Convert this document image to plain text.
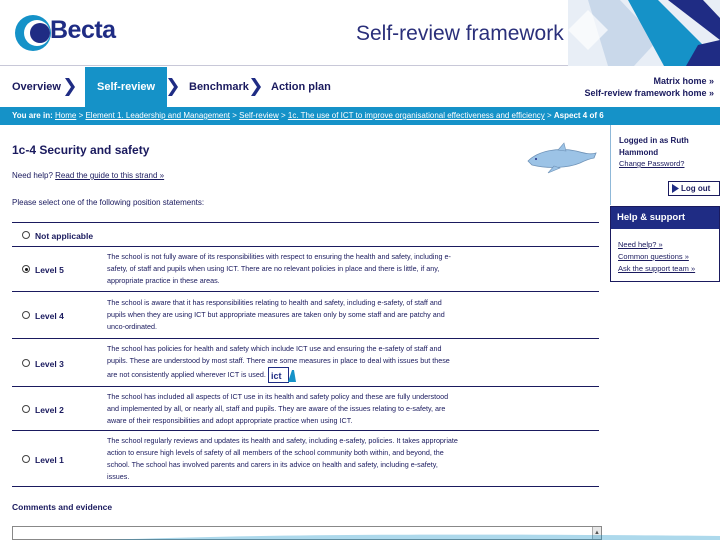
Becta	Self-review framework
Overview	Self-review	Benchmark Action plan	Matrix home »
Self-review framework home »
You are in: Home > Element 1. Leadership and Management > Self-review > 1c. The use of ICT to improve organisational effectiveness and efficiency > Aspect 4 of 6
1c-4 Security and safety
Need help? Read the guide to this strand »
Please select one of the following position statements:
Not applicable
Level 5
The school is not fully aware of its responsibilities with respect to ensuring the health and safety, including e-
safety, of staff and pupils when using ICT. There are no relevant policies in place and there is little, if any,
appropriate practice in these areas.
Level 4
The school is aware that it has responsibilities relating to health and safety, including e-safety, of staff and
pupils when they are using ICT but appropriate measures are taken only by some staff and are patchy and
unco-ordinated.
Level 3
The school has policies for health and safety which include ICT use and ensuring the e-safety of staff and
pupils. These are understood by most staff. There are some measures in place to deal with issues but these
are not consistently applied wherever ICT is used. ict
Level 2
The school has included all aspects of ICT use in its health and safety policy and these are fully understood
and implemented by all, or nearly all, staff and pupils. They are aware of the issues relating to e-safety, are
aware of their responsibilities and adopt appropriate practice when using ICT.
Level 1
The school regularly reviews and updates its health and safety, including e-safety, policies. It takes appropriate
action to ensure high levels of safety of all members of the school community both within, and beyond, the
school. The school has involved parents and carers in its advice on health and safety, including e-safety,
issues.
Comments and evidence
▲
Logged in as Ruth
Hammond
Change Password?
Log out
Help & support
Need help? »
Common questions »
Ask the support team »
